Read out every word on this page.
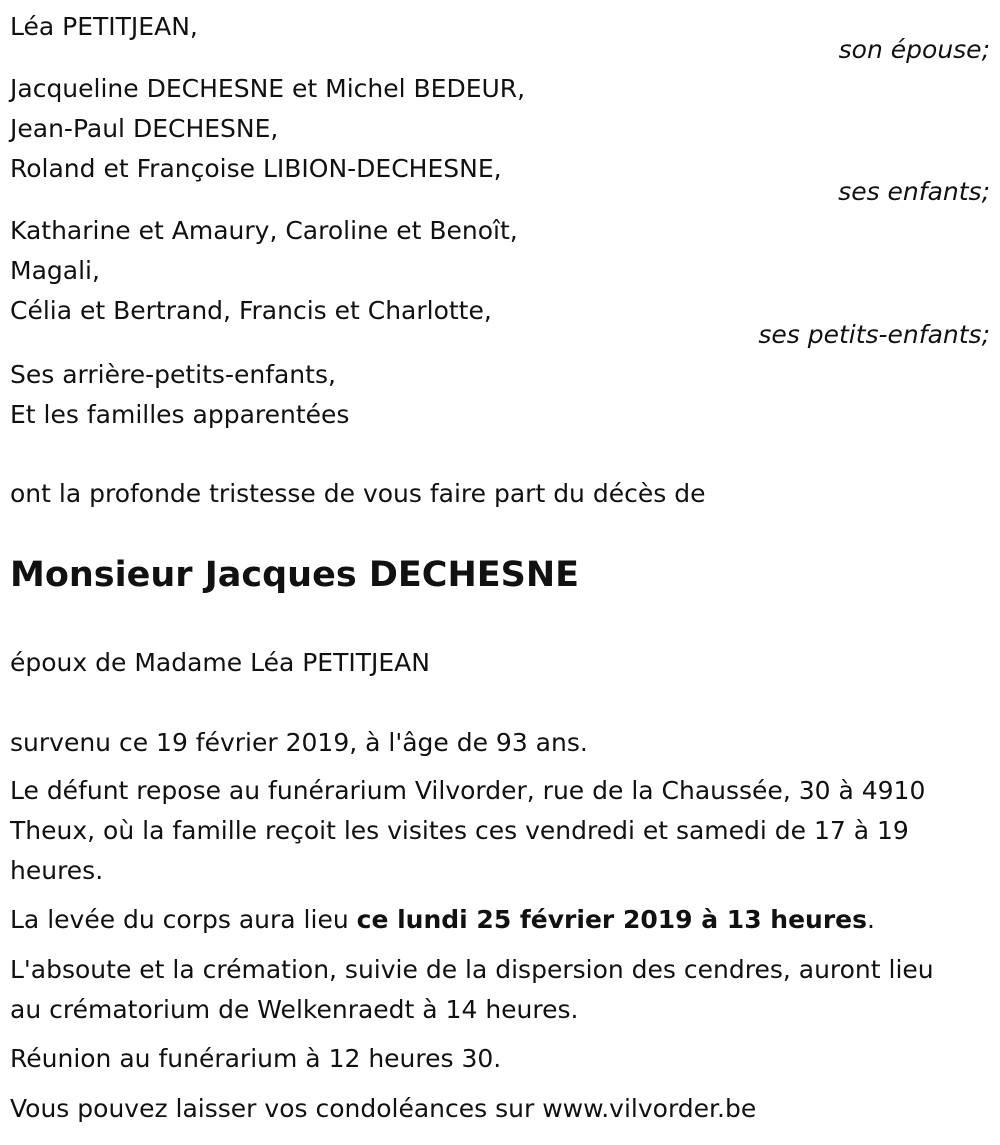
Léa PETITJEAN,
son épouse;
Jacqueline DECHESNE et Michel BEDEUR,
Jean-Paul DECHESNE,
Roland et Françoise LIBION-DECHESNE,
ses enfants;
Katharine et Amaury, Caroline et Benoît,
Magali,
Célia et Bertrand, Francis et Charlotte,
ses petits-enfants;
Ses arrière-petits-enfants,
Et les familles apparentées
ont la profonde tristesse de vous faire part du décès de
Monsieur Jacques DECHESNE
époux de Madame Léa PETITJEAN
survenu ce 19 février 2019, à l'âge de 93 ans.
Le défunt repose au funérarium Vilvorder, rue de la Chaussée, 30 à 4910
Theux, où la famille reçoit les visites ces vendredi et samedi de 17 à 19
heures.
La levée du corps aura lieu ce lundi 25 février 2019 à 13 heures.
L'absoute et la crémation, suivie de la dispersion des cendres, auront lieu
au crématorium de Welkenraedt à 14 heures.
Réunion au funérarium à 12 heures 30.
Vous pouvez laisser vos condoléances sur www.vilvorder.be
